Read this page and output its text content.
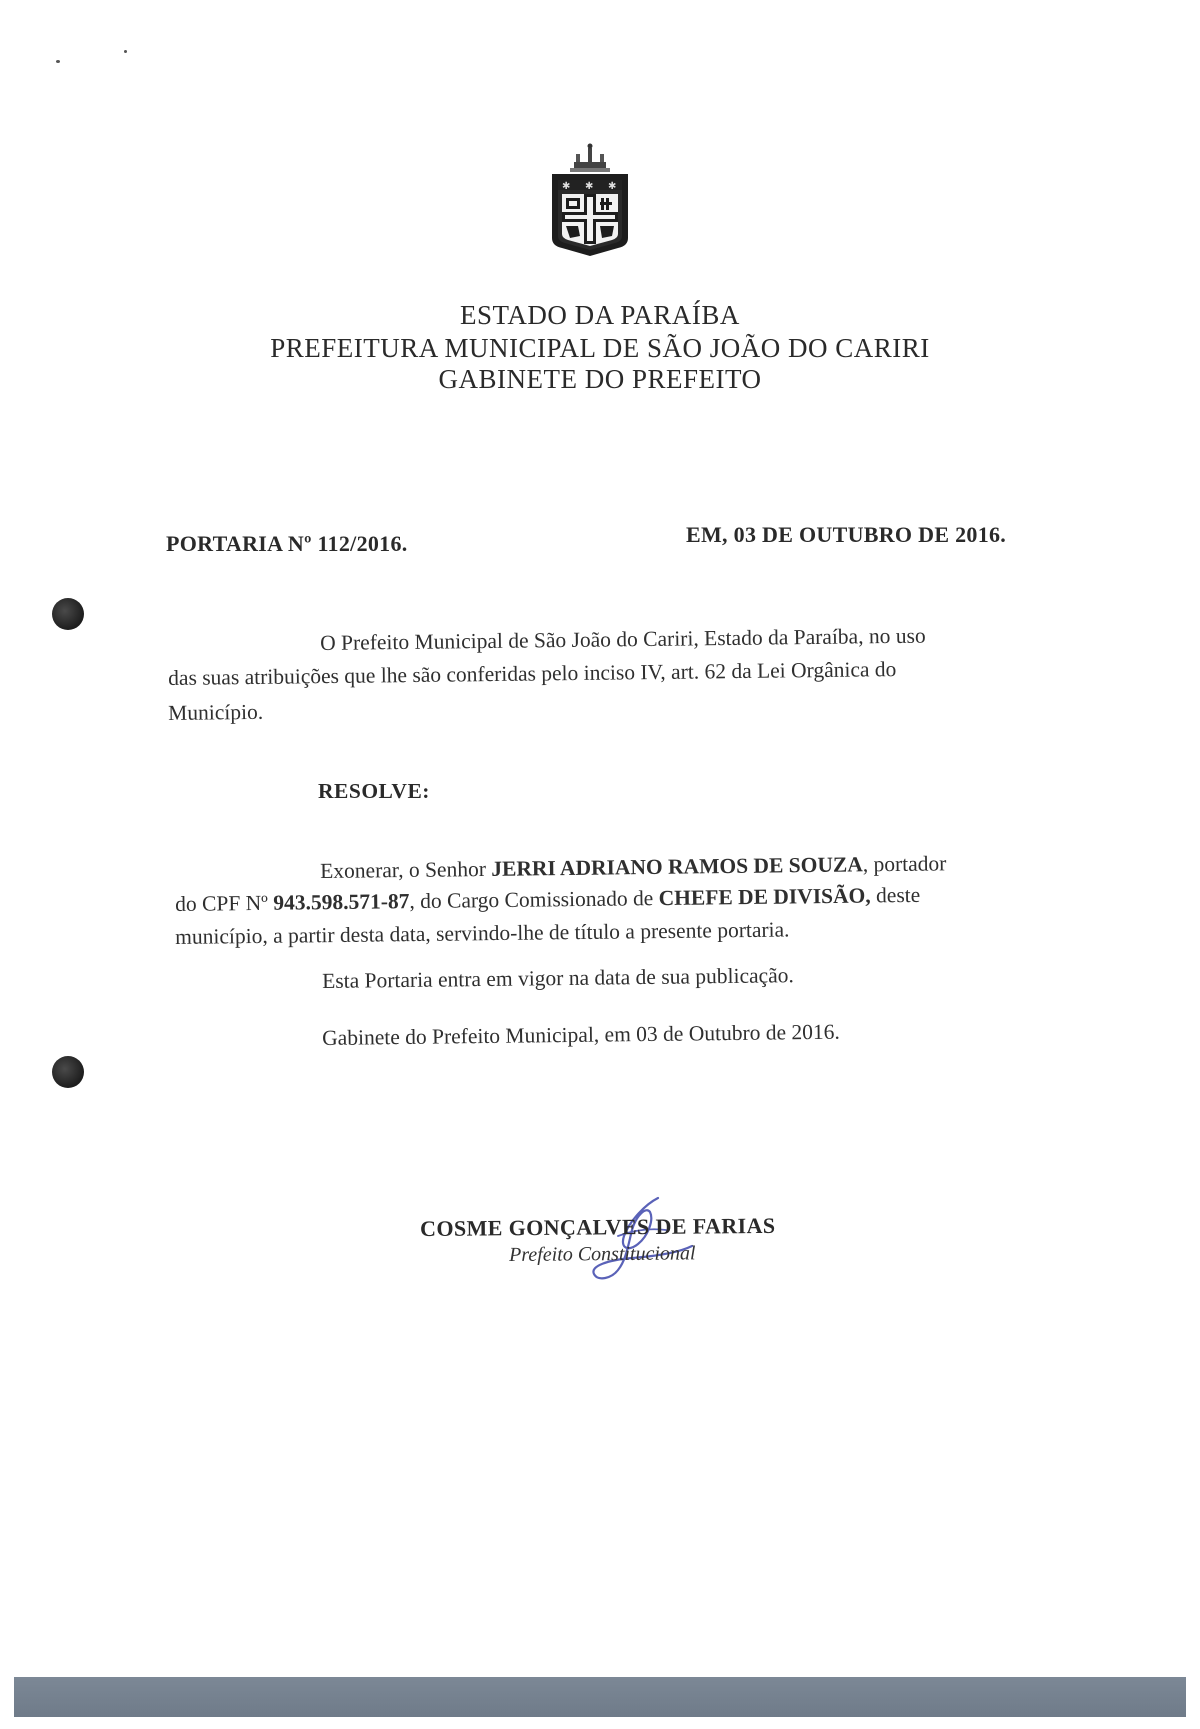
✱ ✱ ✱
ESTADO DA PARAÍBA
PREFEITURA MUNICIPAL DE SÃO JOÃO DO CARIRI
GABINETE DO PREFEITO
PORTARIA Nº 112/2016.	EM, 03 DE OUTUBRO DE 2016.
O Prefeito Municipal de São João do Cariri, Estado da Paraíba, no uso
das suas atribuições que lhe são conferidas pelo inciso IV, art. 62 da Lei Orgânica do
Município.
RESOLVE:
Exonerar, o Senhor JERRI ADRIANO RAMOS DE SOUZA, portador
do CPF Nº 943.598.571-87, do Cargo Comissionado de CHEFE DE DIVISÃO, deste
município, a partir desta data, servindo-lhe de título a presente portaria.
Esta Portaria entra em vigor na data de sua publicação.
Gabinete do Prefeito Municipal, em 03 de Outubro de 2016.
COSME GONÇALVES DE FARIAS
Prefeito Constitucional
